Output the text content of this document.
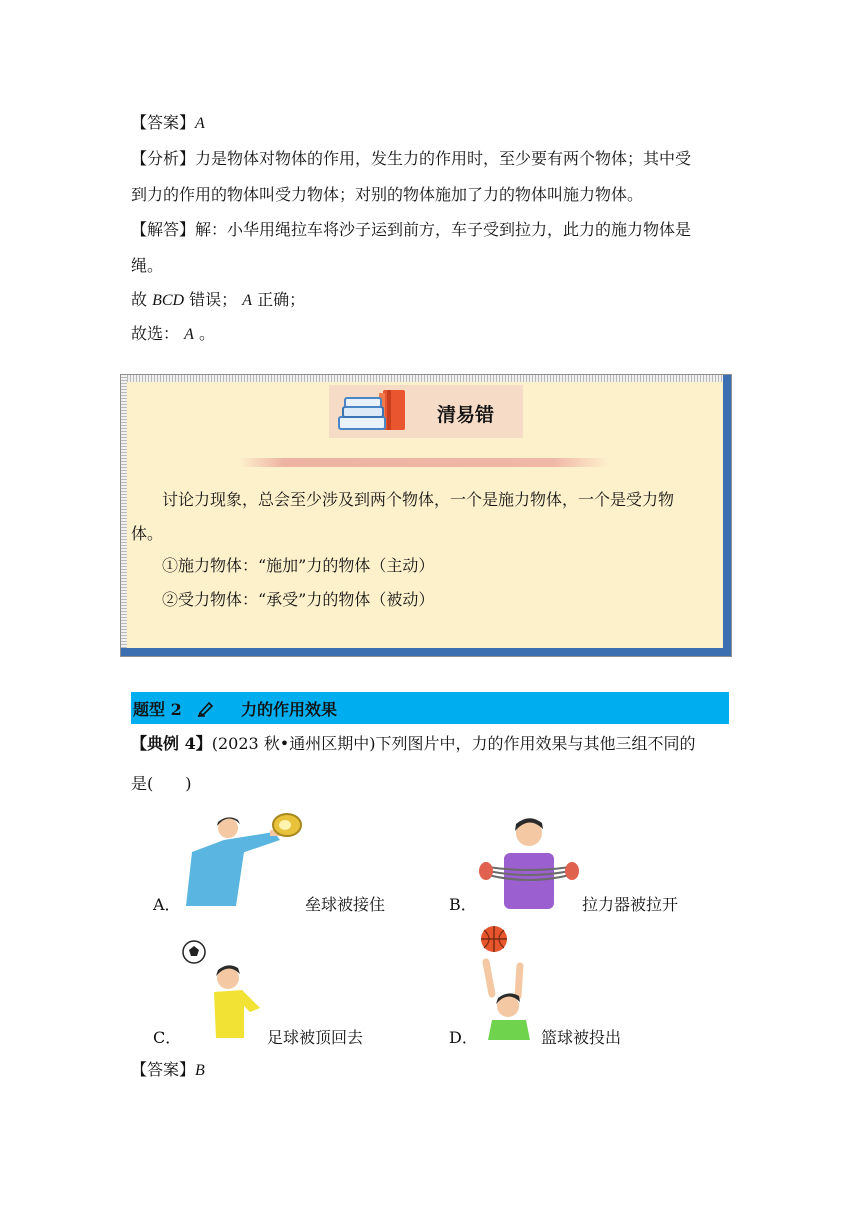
【答案】A
【分析】力是物体对物体的作用，发生力的作用时，至少要有两个物体；其中受
到力的作用的物体叫受力物体；对别的物体施加了力的物体叫施力物体。
【解答】解：小华用绳拉车将沙子运到前方，车子受到拉力，此力的施力物体是
绳。
故 BCD 错误； A 正确；
故选： A 。
清易错
讨论力现象，总会至少涉及到两个物体，一个是施力物体，一个是受力物
体。
①施力物体：“施加”力的物体（主动）
②受力物体：“承受”力的物体（被动）
题型 2	力的作用效果
【典例 4】(2023 秋•通州区期中)下列图片中，力的作用效果与其他三组不同的
是(　　)
A．	垒球被接住	B．	拉力器被拉开
C．	足球被顶回去	D．	篮球被投出
【答案】B
